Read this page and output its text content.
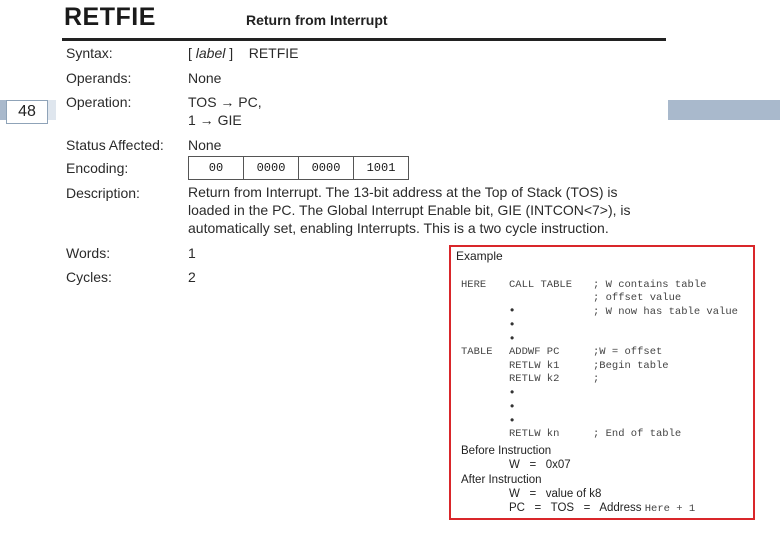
48
RETFIE	Return from Interrupt
Syntax:	[ label ]    RETFIE
Operands:	None
Operation:	TOS → PC,
1 → GIE
Status Affected: None
Encoding:	00	0000	0000	1001
Description:	Return from Interrupt. The 13-bit address at the Top of Stack (TOS) is
loaded in the PC. The Global Interrupt Enable bit, GIE (INTCON<7>), is
automatically set, enabling Interrupts. This is a two cycle instruction.
Words:	1
Cycles:	2
Example
HERE CALL TABLE ; W contains table
; offset value
•	; W now has table value
•
•
TABLE ADDWF PC	;W = offset
RETLW k1	;Begin table
RETLW k2	;
•
•
•
RETLW kn	; End of table
Before Instruction
W   =   0x07
After Instruction
W   =   value of k8
PC   =   TOS   =   Address Here + 1
